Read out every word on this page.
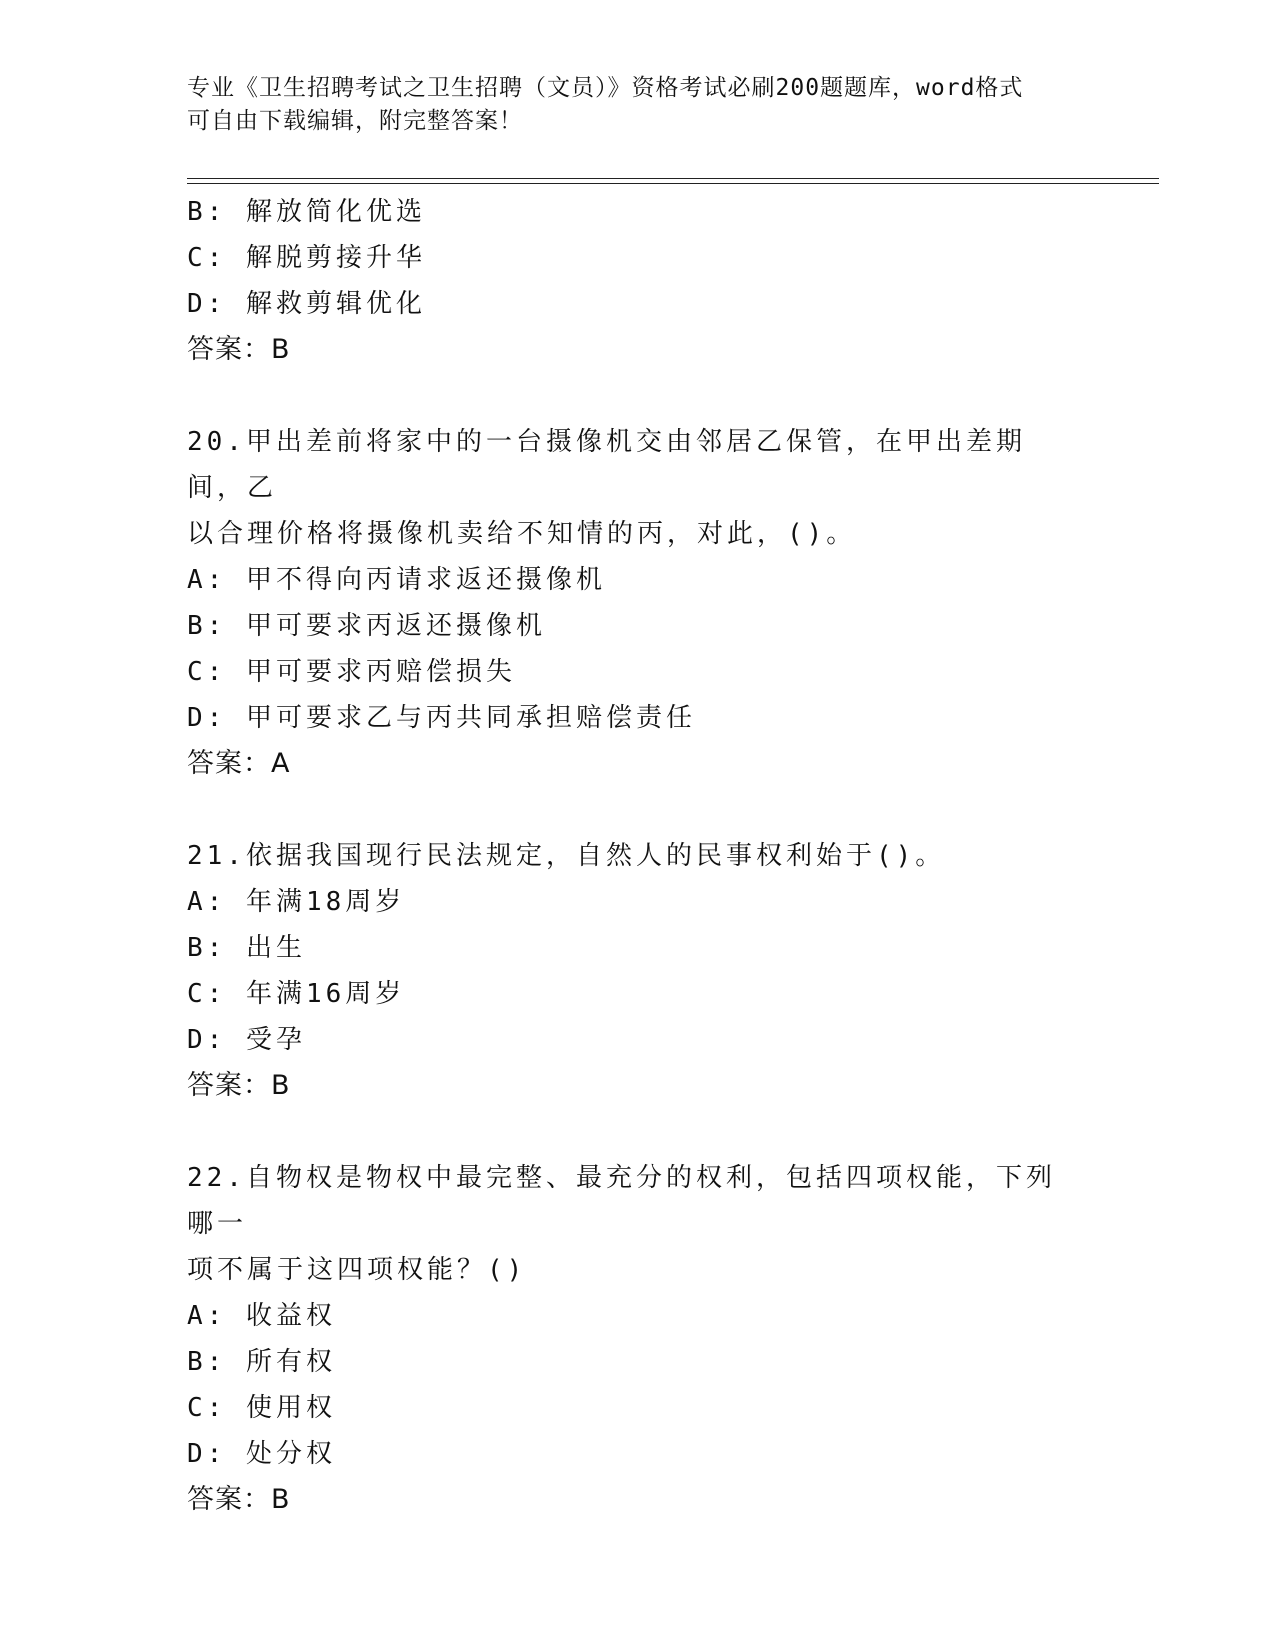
专业《卫生招聘考试之卫生招聘（文员）》资格考试必刷200题题库，word格式
可自由下载编辑，附完整答案！
B: 解放简化优选
C: 解脱剪接升华
D: 解救剪辑优化
答案：B
20.甲出差前将家中的一台摄像机交由邻居乙保管，在甲出差期间，乙
以合理价格将摄像机卖给不知情的丙，对此，()。
A: 甲不得向丙请求返还摄像机
B: 甲可要求丙返还摄像机
C: 甲可要求丙赔偿损失
D: 甲可要求乙与丙共同承担赔偿责任
答案：A
21.依据我国现行民法规定，自然人的民事权利始于()。
A: 年满18周岁
B: 出生
C: 年满16周岁
D: 受孕
答案：B
22.自物权是物权中最完整、最充分的权利，包括四项权能，下列哪一
项不属于这四项权能？()
A: 收益权
B: 所有权
C: 使用权
D: 处分权
答案：B
